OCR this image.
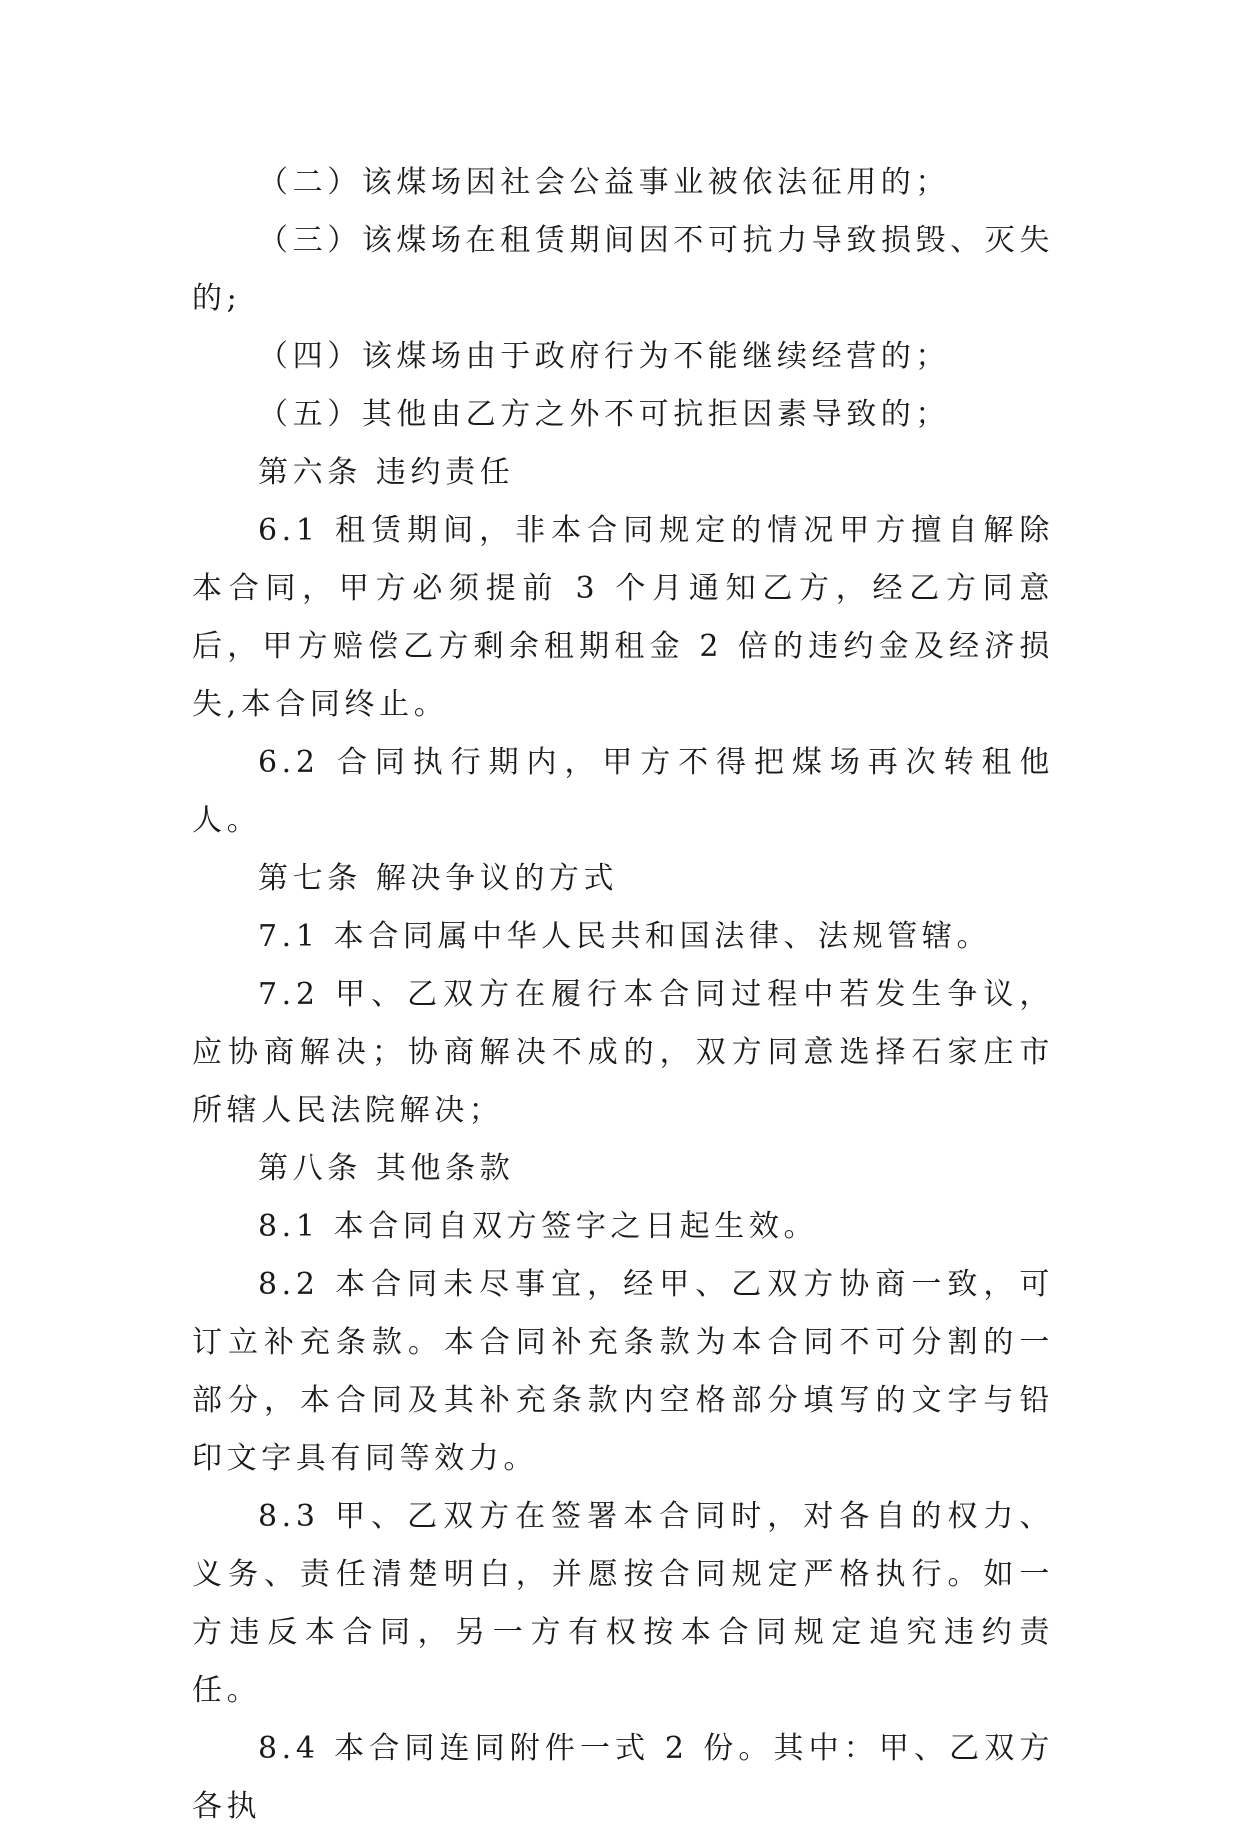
（二）该煤场因社会公益事业被依法征用的；

（三）该煤场在租赁期间因不可抗力导致损毁、灭失的;

（四）该煤场由于政府行为不能继续经营的；

（五）其他由乙方之外不可抗拒因素导致的；

第六条 违约责任

6.1 租赁期间，非本合同规定的情况甲方擅自解除本合同，甲方必须提前 3 个月通知乙方，经乙方同意后，甲方赔偿乙方剩余租期租金 2 倍的违约金及经济损失,本合同终止。

6.2 合同执行期内，甲方不得把煤场再次转租他人。

第七条 解决争议的方式

7.1 本合同属中华人民共和国法律、法规管辖。

7.2 甲、乙双方在履行本合同过程中若发生争议，应协商解决；协商解决不成的，双方同意选择石家庄市所辖人民法院解决；

第八条 其他条款

8.1 本合同自双方签字之日起生效。

8.2 本合同未尽事宜，经甲、乙双方协商一致，可订立补充条款。本合同补充条款为本合同不可分割的一部分，本合同及其补充条款内空格部分填写的文字与铅印文字具有同等效力。

8.3 甲、乙双方在签署本合同时，对各自的权力、义务、责任清楚明白，并愿按合同规定严格执行。如一方违反本合同，另一方有权按本合同规定追究违约责任。

8.4 本合同连同附件一式 2 份。其中：甲、乙双方各执
